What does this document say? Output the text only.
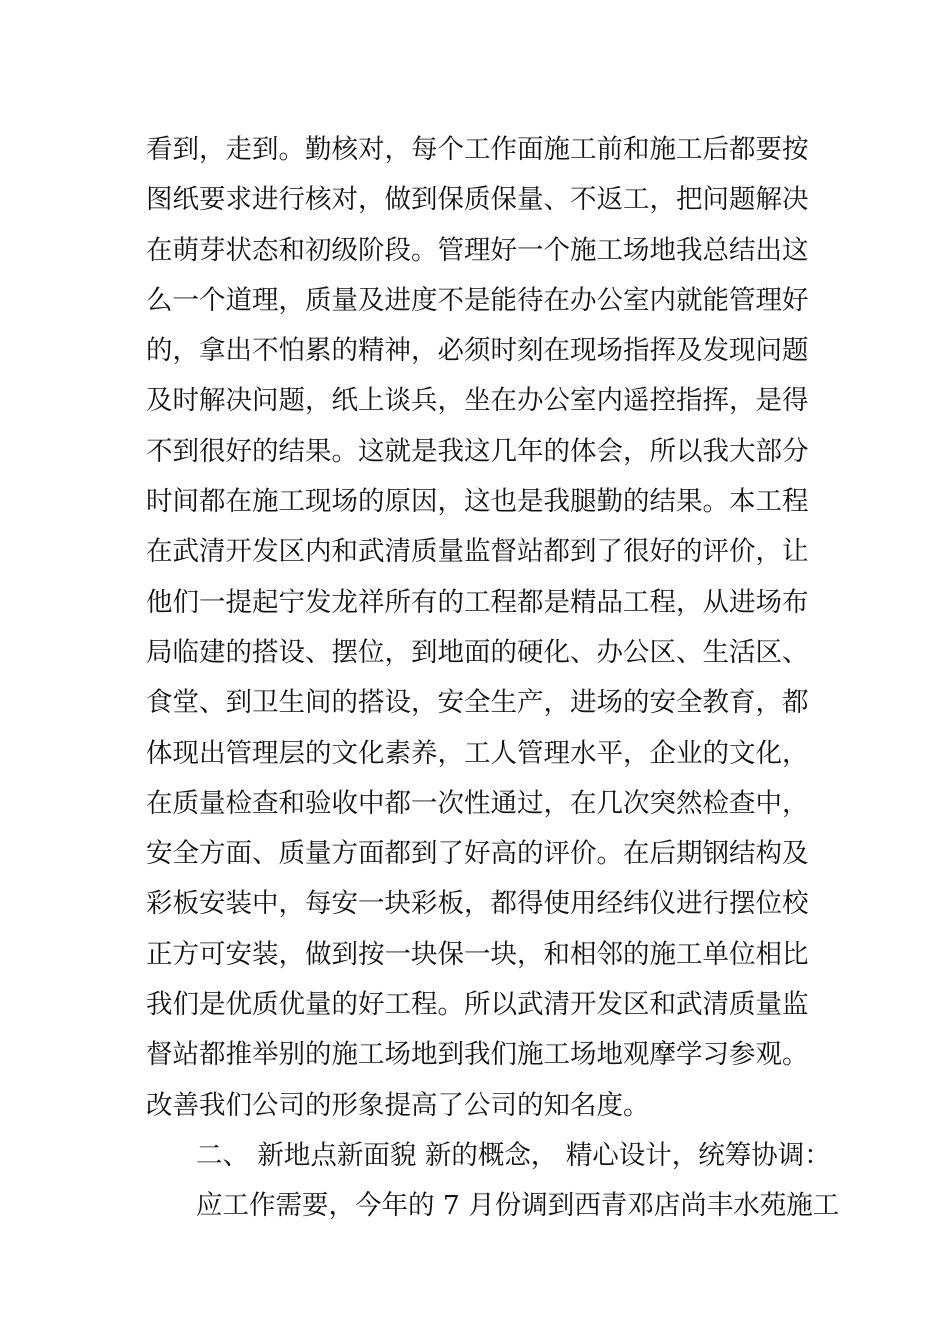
看到，走到。勤核对，每个工作面施工前和施工后都要按
图纸要求进行核对，做到保质保量、不返工，把问题解决
在萌芽状态和初级阶段。管理好一个施工场地我总结出这
么一个道理，质量及进度不是能待在办公室内就能管理好
的，拿出不怕累的精神，必须时刻在现场指挥及发现问题
及时解决问题，纸上谈兵，坐在办公室内遥控指挥，是得
不到很好的结果。这就是我这几年的体会，所以我大部分
时间都在施工现场的原因，这也是我腿勤的结果。本工程
在武清开发区内和武清质量监督站都到了很好的评价，让
他们一提起宁发龙祥所有的工程都是精品工程，从进场布
局临建的搭设、摆位，到地面的硬化、办公区、生活区、
食堂、到卫生间的搭设，安全生产，进场的安全教育，都
体现出管理层的文化素养，工人管理水平，企业的文化，
在质量检查和验收中都一次性通过，在几次突然检查中，
安全方面、质量方面都到了好高的评价。在后期钢结构及
彩板安装中，每安一块彩板，都得使用经纬仪进行摆位校
正方可安装，做到按一块保一块，和相邻的施工单位相比
我们是优质优量的好工程。所以武清开发区和武清质量监
督站都推举别的施工场地到我们施工场地观摩学习参观。
改善我们公司的形象提高了公司的知名度。
二、 新地点新面貌 新的概念， 精心设计，统筹协调：
应工作需要，今年的 7 月份调到西青邓店尚丰水苑施工
